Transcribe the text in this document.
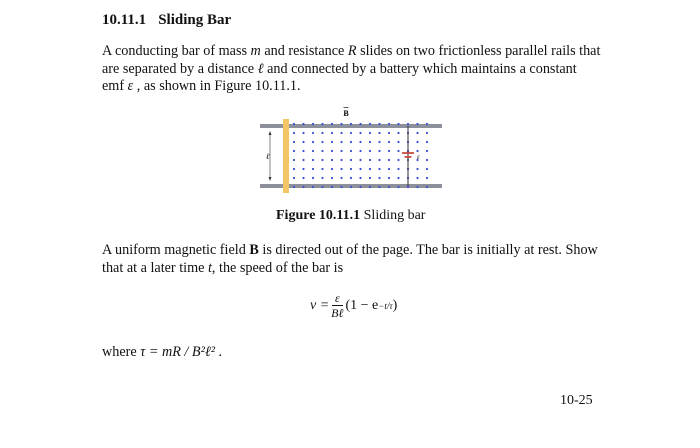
10.11.1 Sliding Bar
A conducting bar of mass m and resistance R slides on two frictionless parallel rails that are separated by a distance ℓ and connected by a battery which maintains a constant emf ε , as shown in Figure 10.11.1.
B
ℓ	ε
Figure 10.11.1 Sliding bar
A uniform magnetic field B is directed out of the page. The bar is initially at rest. Show that at a later time t, the speed of the bar is
$v = \frac{\varepsilon}{\text{Bℓ}} (1 - e -t/\tau$ )
where τ = mR / B²ℓ² .
10-25
